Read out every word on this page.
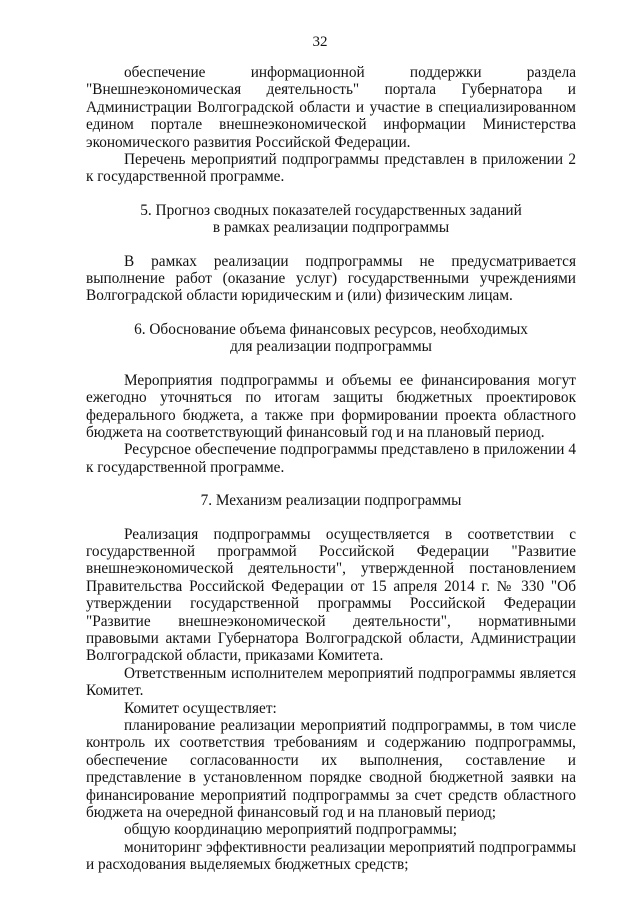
32

обеспечение информационной поддержки раздела "Внешнеэкономическая деятельность" портала Губернатора и Администрации Волгоградской области и участие в специализированном едином портале внешнеэкономической информации Министерства экономического развития Российской Федерации.

Перечень мероприятий подпрограммы представлен в приложении 2 к государственной программе.

5. Прогноз сводных показателей государственных заданий
в рамках реализации подпрограммы

В рамках реализации подпрограммы не предусматривается выполнение работ (оказание услуг) государственными учреждениями Волгоградской области юридическим и (или) физическим лицам.

6. Обоснование объема финансовых ресурсов, необходимых
для реализации подпрограммы

Мероприятия подпрограммы и объемы ее финансирования могут ежегодно уточняться по итогам защиты бюджетных проектировок федерального бюджета, а также при формировании проекта областного бюджета на соответствующий финансовый год и на плановый период.

Ресурсное обеспечение подпрограммы представлено в приложении 4 к государственной программе.

7. Механизм реализации подпрограммы

Реализация подпрограммы осуществляется в соответствии с государственной программой Российской Федерации "Развитие внешнеэкономической деятельности", утвержденной постановлением Правительства Российской Федерации от 15 апреля 2014 г. № 330 "Об утверждении государственной программы Российской Федерации "Развитие внешнеэкономической деятельности", нормативными правовыми актами Губернатора Волгоградской области, Администрации Волгоградской области, приказами Комитета.

Ответственным исполнителем мероприятий подпрограммы является Комитет.

Комитет осуществляет:

планирование реализации мероприятий подпрограммы, в том числе контроль их соответствия требованиям и содержанию подпрограммы, обеспечение согласованности их выполнения, составление и представление в установленном порядке сводной бюджетной заявки на финансирование мероприятий подпрограммы за счет средств областного бюджета на очередной финансовый год и на плановый период;

общую координацию мероприятий подпрограммы;

мониторинг эффективности реализации мероприятий подпрограммы и расходования выделяемых бюджетных средств;
